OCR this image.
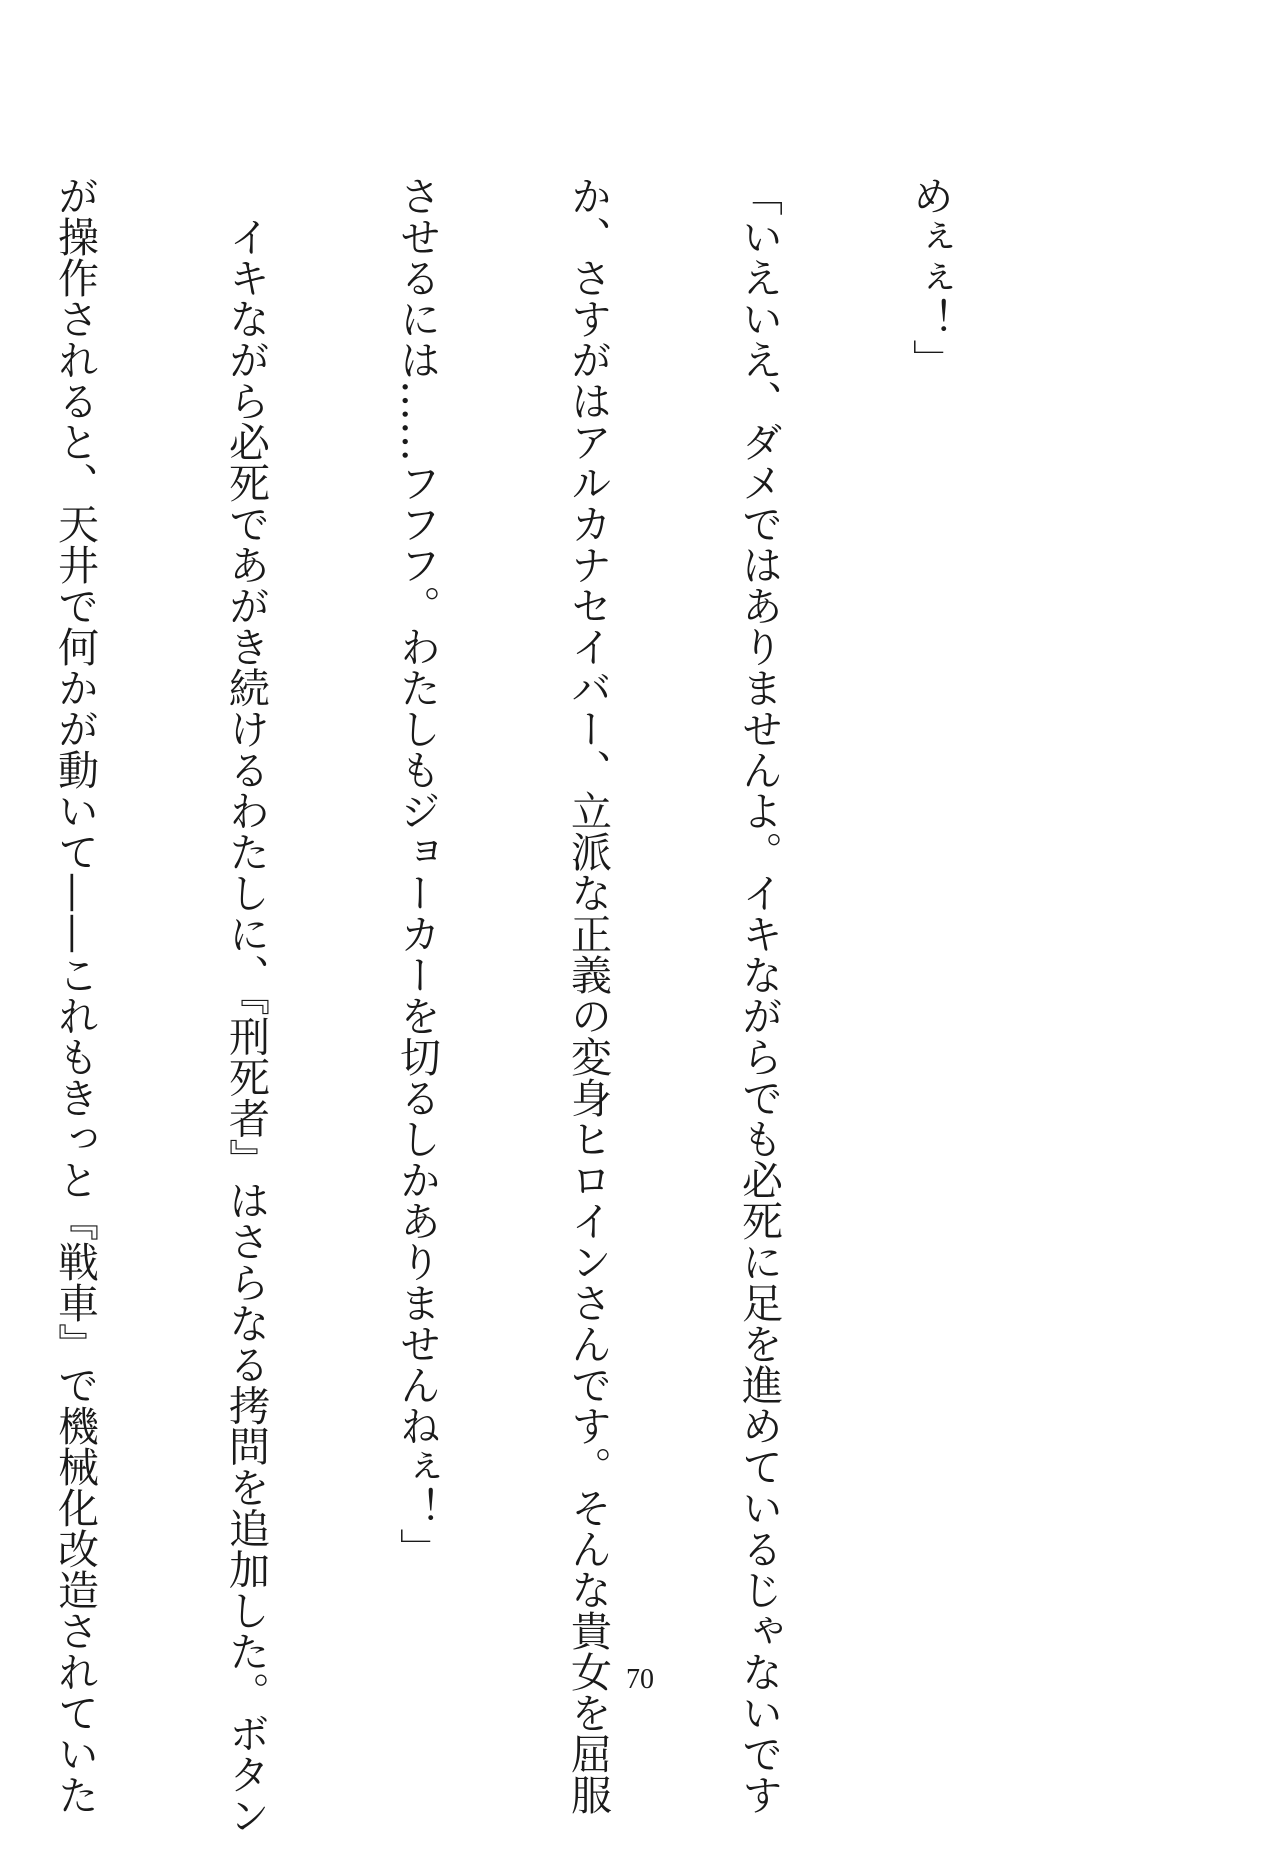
めぇぇ！」

「いえいえ、ダメではありませんよ。イキながらでも必死に足を進めているじゃないです

か、さすがはアルカナセイバー、立派な正義の変身ヒロインさんです。そんな貴女を屈服

させるには……フフフ。わたしもジョーカーを切るしかありませんねぇ！」

　イキながら必死であがき続けるわたしに、『刑死者』はさらなる拷問を追加した。ボタン

が操作されると、天井で何かが動いて——これもきっと『戦車』で機械化改造されていた

	70
